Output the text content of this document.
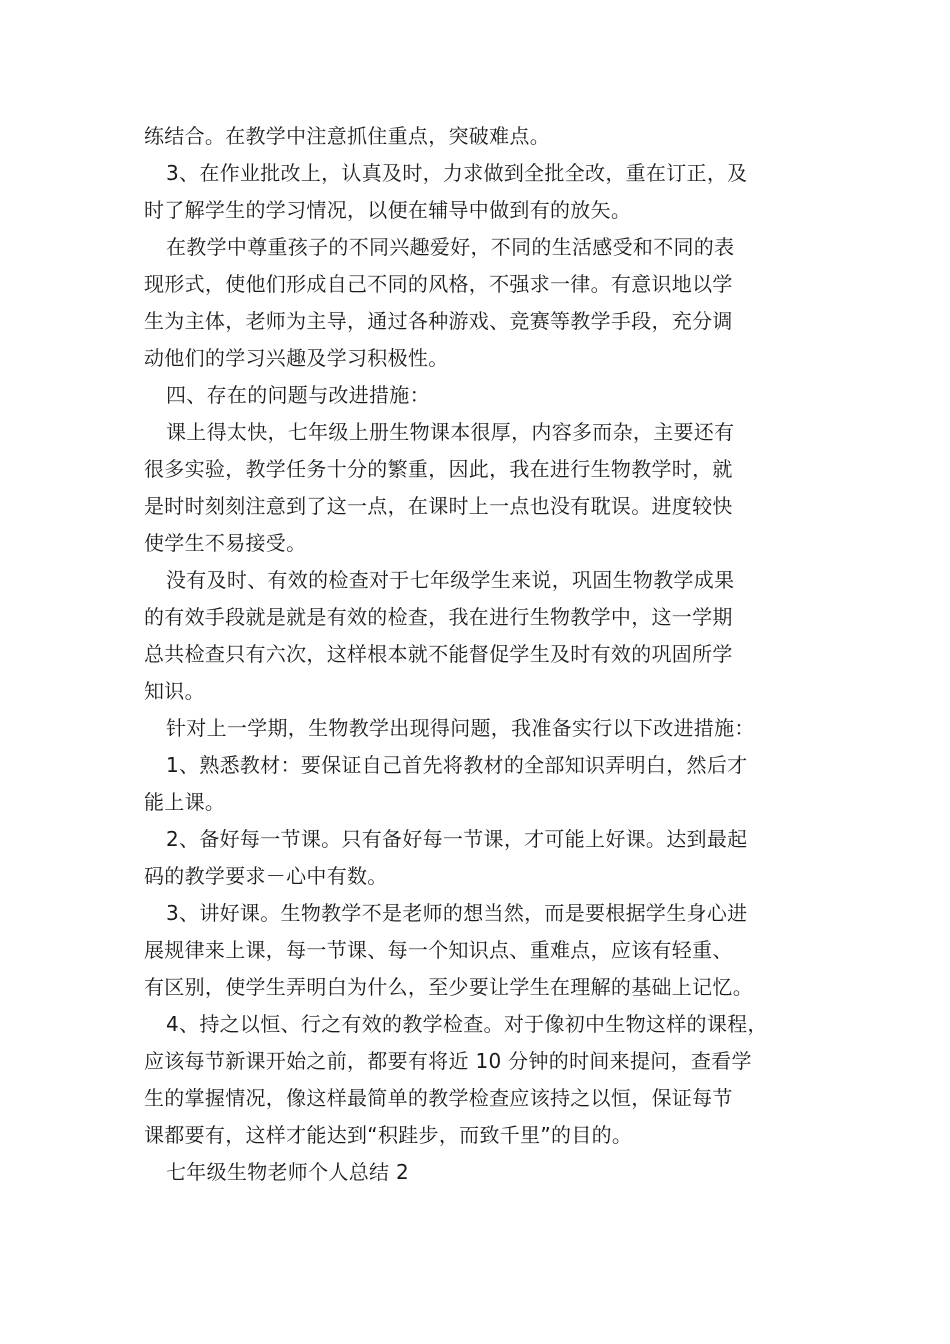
练结合。在教学中注意抓住重点，突破难点。
3、在作业批改上，认真及时，力求做到全批全改，重在订正，及
时了解学生的学习情况，以便在辅导中做到有的放矢。
在教学中尊重孩子的不同兴趣爱好，不同的生活感受和不同的表
现形式，使他们形成自己不同的风格，不强求一律。有意识地以学
生为主体，老师为主导，通过各种游戏、竞赛等教学手段，充分调
动他们的学习兴趣及学习积极性。
四、存在的问题与改进措施：
课上得太快，七年级上册生物课本很厚，内容多而杂，主要还有
很多实验，教学任务十分的繁重，因此，我在进行生物教学时，就
是时时刻刻注意到了这一点，在课时上一点也没有耽误。进度较快
使学生不易接受。
没有及时、有效的检查对于七年级学生来说，巩固生物教学成果
的有效手段就是就是有效的检查，我在进行生物教学中，这一学期
总共检查只有六次，这样根本就不能督促学生及时有效的巩固所学
知识。
针对上一学期，生物教学出现得问题，我准备实行以下改进措施：
1、熟悉教材：要保证自己首先将教材的全部知识弄明白，然后才
能上课。
2、备好每一节课。只有备好每一节课，才可能上好课。达到最起
码的教学要求－心中有数。
3、讲好课。生物教学不是老师的想当然，而是要根据学生身心进
展规律来上课，每一节课、每一个知识点、重难点，应该有轻重、
有区别，使学生弄明白为什么，至少要让学生在理解的基础上记忆。
4、持之以恒、行之有效的教学检查。对于像初中生物这样的课程，
应该每节新课开始之前，都要有将近 10 分钟的时间来提问，查看学
生的掌握情况，像这样最简单的教学检查应该持之以恒，保证每节
课都要有，这样才能达到“积跬步，而致千里”的目的。
七年级生物老师个人总结 2
